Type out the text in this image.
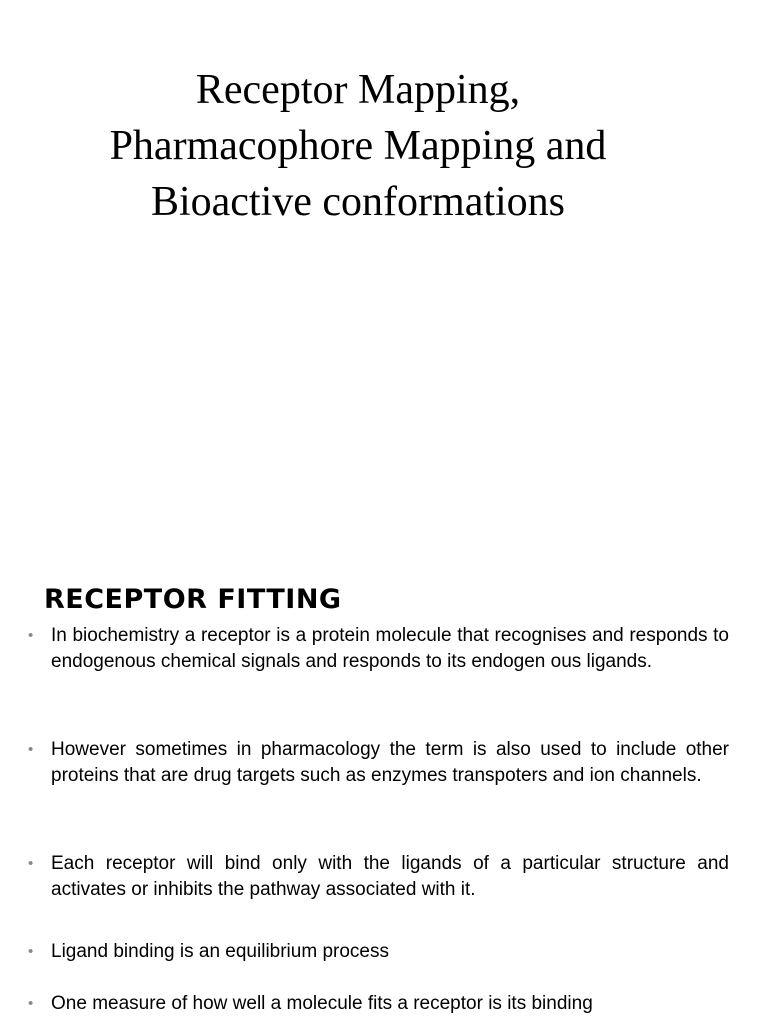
Receptor Mapping,
Pharmacophore Mapping and
Bioactive conformations
RECEPTOR FITTING
• In biochemistry a receptor is a protein molecule that recognises and responds to endogenous chemical signals and responds to its endogen ous ligands.
• However sometimes in pharmacology the term is also used to include other proteins that are drug targets such as enzymes transpoters and ion channels.
• Each receptor will bind only with the ligands of a particular structure and activates or inhibits the pathway associated with it.
• Ligand binding is an equilibrium process
• One measure of how well a molecule fits a receptor is its binding
